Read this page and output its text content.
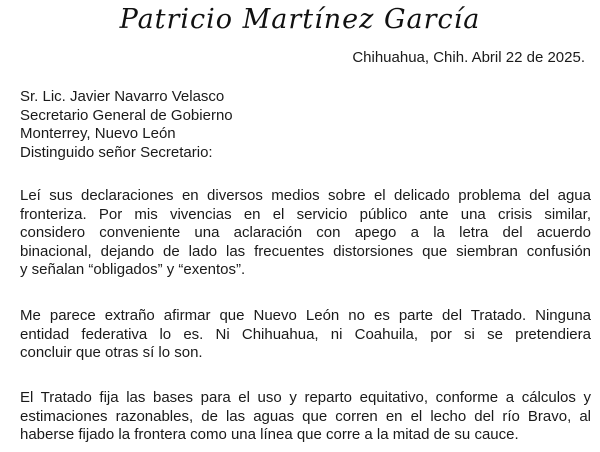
Patricio Martínez García
Chihuahua, Chih. Abril 22 de 2025.
Sr. Lic. Javier Navarro Velasco
Secretario General de Gobierno
Monterrey, Nuevo León
Distinguido señor Secretario:
Leí sus declaraciones en diversos medios sobre el delicado problema del agua
fronteriza. Por mis vivencias en el servicio público ante una crisis similar,
considero conveniente una aclaración con apego a la letra del acuerdo
binacional, dejando de lado las frecuentes distorsiones que siembran confusión
y señalan “obligados” y “exentos”.
Me parece extraño afirmar que Nuevo León no es parte del Tratado. Ninguna
entidad federativa lo es. Ni Chihuahua, ni Coahuila, por si se pretendiera
concluir que otras sí lo son.
El Tratado fija las bases para el uso y reparto equitativo, conforme a cálculos y
estimaciones razonables, de las aguas que corren en el lecho del río Bravo, al
haberse fijado la frontera como una línea que corre a la mitad de su cauce.
